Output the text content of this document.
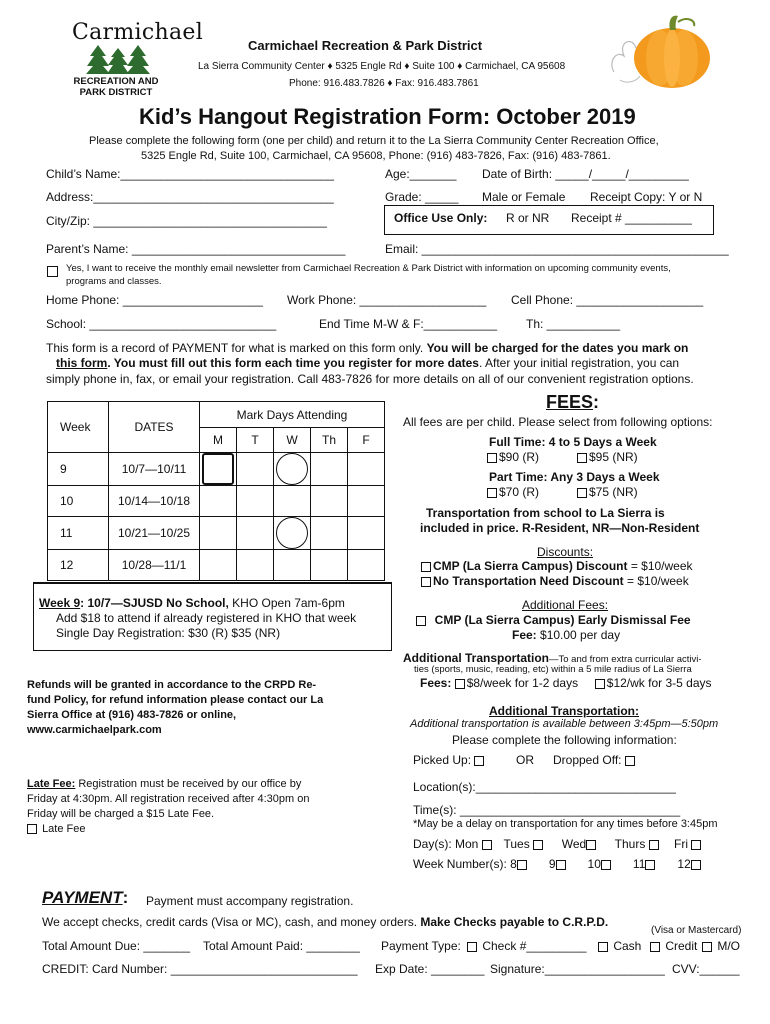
Carmichael
RECREATION AND PARK DISTRICT
Carmichael Recreation & Park District
La Sierra Community Center ♦ 5325 Engle Rd ♦ Suite 100 ♦ Carmichael, CA 95608
Phone: 916.483.7826 ♦ Fax: 916.483.7861
Kid’s Hangout Registration Form: October 2019
Please complete the following form (one per child) and return it to the La Sierra Community Center Recreation Office,
5325 Engle Rd, Suite 100, Carmichael, CA 95608, Phone: (916) 483-7826, Fax: (916) 483-7861.
Child’s Name:________________________________	Age:_______ Date of Birth: _____/_____/_________
Address:____________________________________	Grade: _____ Male or Female Receipt Copy: Y or N
City/Zip: ___________________________________	Office Use Only: R or NR Receipt # __________
Parent’s Name: ________________________________	Email: ______________________________________________
Yes, I want to receive the monthly email newsletter from Carmichael Recreation & Park District with information on upcoming community events,
programs and classes.
Home Phone: _____________________ Work Phone: ___________________ Cell Phone: ___________________
School: ____________________________	End Time M-W & F:___________ Th: ___________
This form is a record of PAYMENT for what is marked on this form only. You will be charged for the dates you mark on
this form. You must fill out this form each time you register for more dates. After your initial registration, you can
simply phone in, fax, or email your registration. Call 483-7826 for more details on all of our convenient registration options.
Week	DATES	Mark Days Attending				
		M	T	W	Th	F
9	10/7—10/11	

10	10/14—10/18					
11	10/21—10/25			

12	10/28—11/1					
Week 9: 10/7—SJUSD No School, KHO Open 7am-6pm
Add $18 to attend if already registered in KHO that week
Single Day Registration: $30 (R) $35 (NR)
Refunds will be granted in accordance to the CRPD Re-
fund Policy, for refund information please contact our La
Sierra Office at (916) 483-7826 or online,
www.carmichaelpark.com
Late Fee: Registration must be received by our office by
Friday at 4:30pm. All registration received after 4:30pm on
Friday will be charged a $15 Late Fee.
Late Fee
FEES:
All fees are per child. Please select from following options:
Full Time: 4 to 5 Days a Week
$90 (R)	$95 (NR)
Part Time: Any 3 Days a Week
$70 (R)	$75 (NR)
Transportation from school to La Sierra is
included in price. R-Resident, NR—Non-Resident
Discounts:
CMP (La Sierra Campus) Discount = $10/week
No Transportation Need Discount = $10/week
Additional Fees:
CMP (La Sierra Campus) Early Dismissal Fee
Fee: $10.00 per day
Additional Transportation—To and from extra curricular activi-
ties (sports, music, reading, etc) within a 5 mile radius of La Sierra
Fees: $8/week for 1-2 days $12/wk for 3-5 days
Additional Transportation:
Additional transportation is available between 3:45pm—5:50pm
Please complete the following information:
Picked Up:	OR Dropped Off:
Location(s):______________________________
Time(s): _________________________________
*May be a delay on transportation for any times before 3:45pm
Day(s): Mon Tues	Wed Thurs Fri
Week Number(s): 8	9	10	11	12
PAYMENT: Payment must accompany registration.
We accept checks, credit cards (Visa or MC), cash, and money orders. Make Checks payable to C.R.P.D.
(Visa or Mastercard)
Total Amount Due: _______ Total Amount Paid: ________ Payment Type:	Check #_________	Cash	Credit	M/O
CREDIT: Card Number: ____________________________ Exp Date: ________ Signature:__________________ CVV:______
